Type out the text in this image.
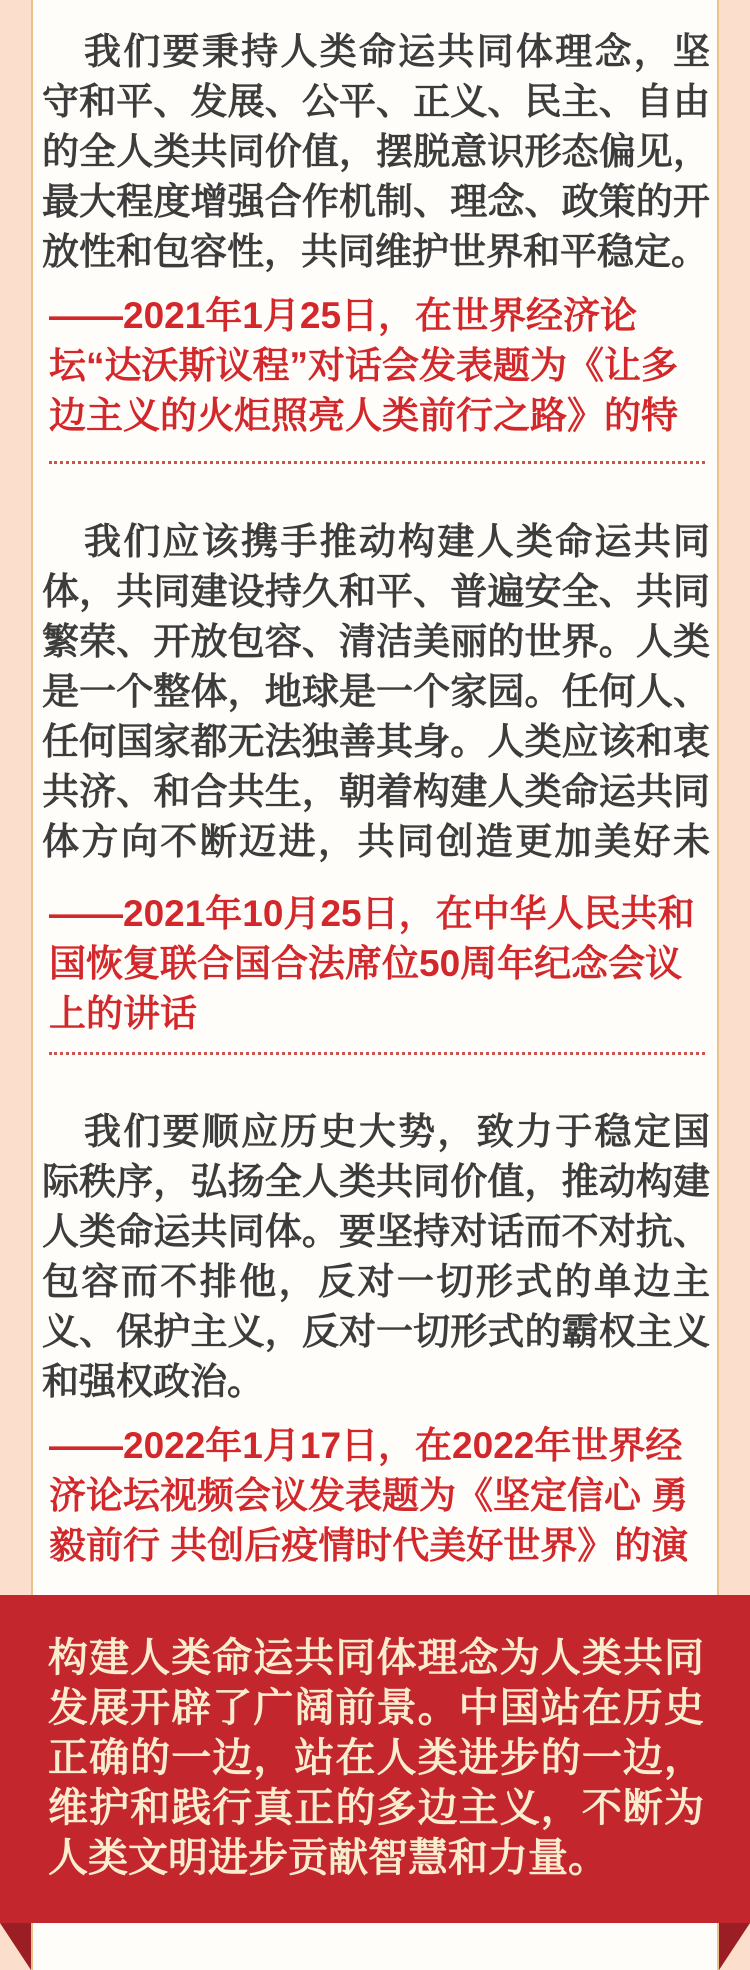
我们要秉持人类命运共同体理念，坚守和平、发展、公平、正义、民主、自由的全人类共同价值，摆脱意识形态偏见，最大程度增强合作机制、理念、政策的开放性和包容性，共同维护世界和平稳定。

——2021年1月25日，在世界经济论坛“达沃斯议程”对话会发表题为《让多边主义的火炬照亮人类前行之路》的特

我们应该携手推动构建人类命运共同体，共同建设持久和平、普遍安全、共同繁荣、开放包容、清洁美丽的世界。人类是一个整体，地球是一个家园。任何人、任何国家都无法独善其身。人类应该和衷共济、和合共生，朝着构建人类命运共同体方向不断迈进，共同创造更加美好未

——2021年10月25日，在中华人民共和国恢复联合国合法席位50周年纪念会议上的讲话

我们要顺应历史大势，致力于稳定国际秩序，弘扬全人类共同价值，推动构建人类命运共同体。要坚持对话而不对抗、包容而不排他，反对一切形式的单边主义、保护主义，反对一切形式的霸权主义和强权政治。

——2022年1月17日，在2022年世界经济论坛视频会议发表题为《坚定信心 勇毅前行 共创后疫情时代美好世界》的演

构建人类命运共同体理念为人类共同发展开辟了广阔前景。中国站在历史正确的一边，站在人类进步的一边，维护和践行真正的多边主义，不断为人类文明进步贡献智慧和力量。
